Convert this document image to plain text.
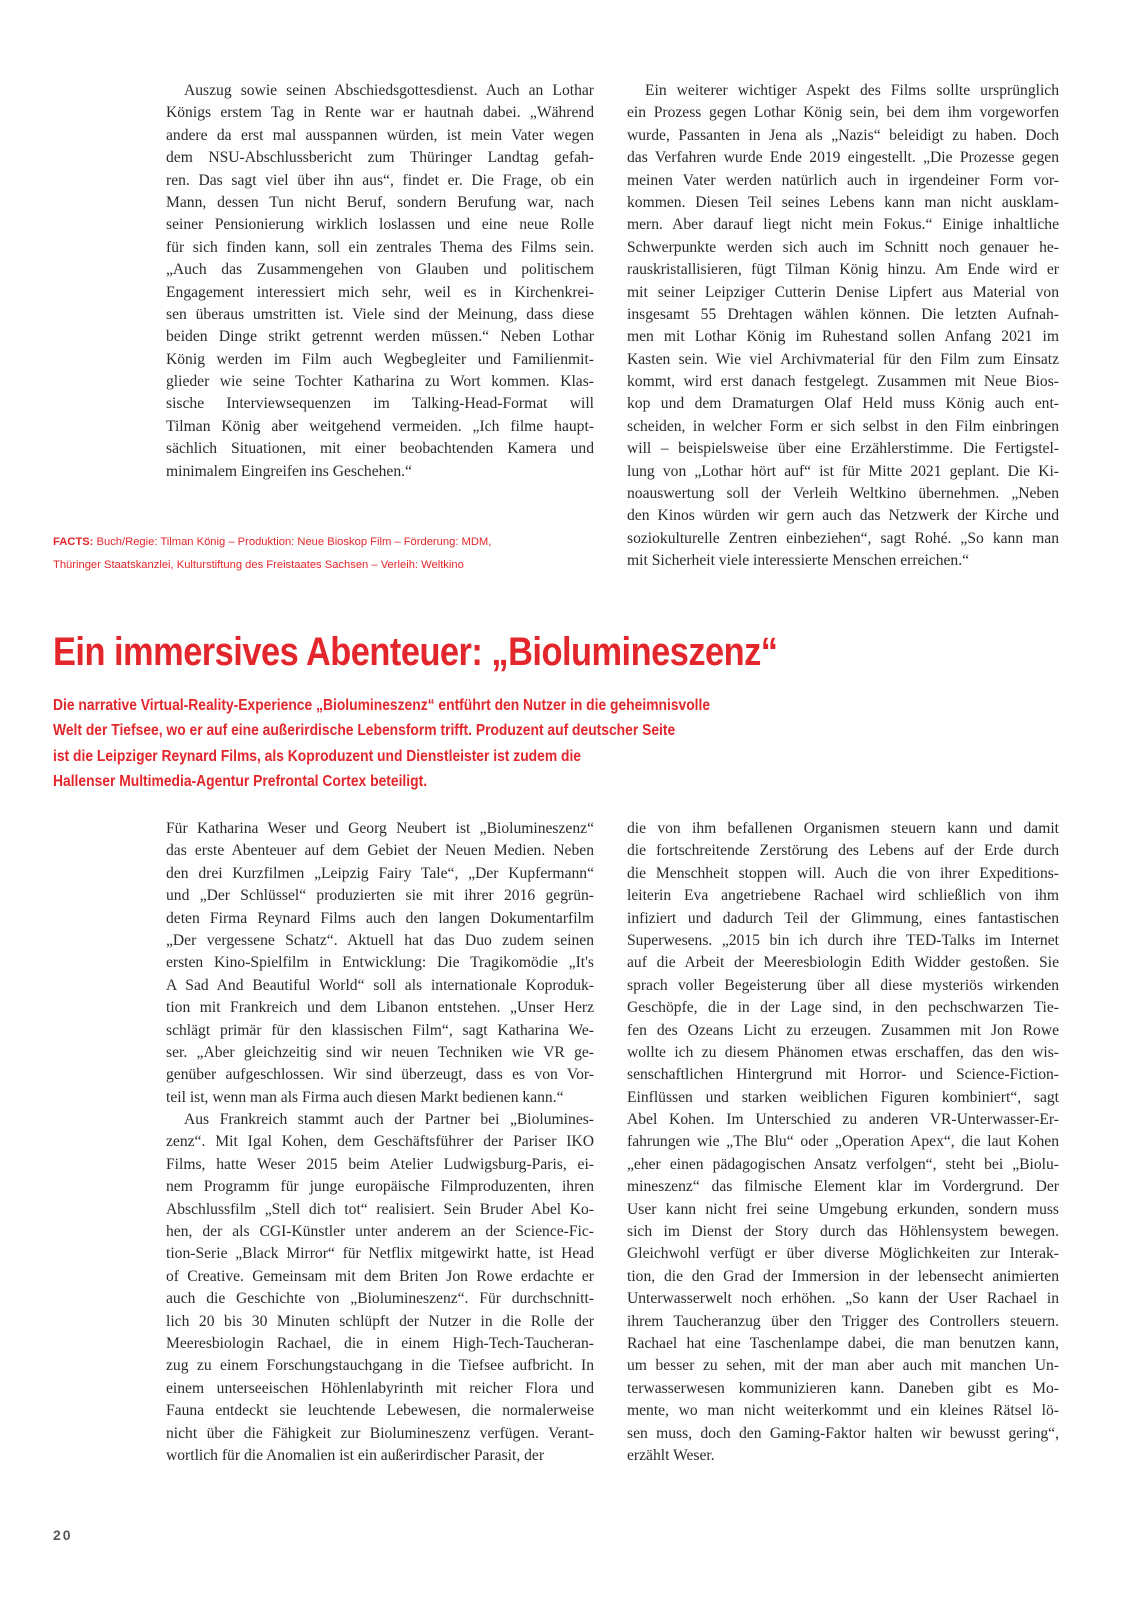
Auszug sowie seinen Abschiedsgottesdienst. Auch an Lothar
Königs erstem Tag in Rente war er hautnah dabei. „Während
andere da erst mal ausspannen würden, ist mein Vater wegen
dem NSU-Abschlussbericht zum Thüringer Landtag gefah-
ren. Das sagt viel über ihn aus“, findet er. Die Frage, ob ein
Mann, dessen Tun nicht Beruf, sondern Berufung war, nach
seiner Pensionierung wirklich loslassen und eine neue Rolle
für sich finden kann, soll ein zentrales Thema des Films sein.
„Auch das Zusammengehen von Glauben und politischem
Engagement interessiert mich sehr, weil es in Kirchenkrei-
sen überaus umstritten ist. Viele sind der Meinung, dass diese
beiden Dinge strikt getrennt werden müssen.“ Neben Lothar
König werden im Film auch Wegbegleiter und Familienmit-
glieder wie seine Tochter Katharina zu Wort kommen. Klas-
sische Interviewsequenzen im Talking-Head-Format will
Tilman König aber weitgehend vermeiden. „Ich filme haupt-
sächlich Situationen, mit einer beobachtenden Kamera und
minimalem Eingreifen ins Geschehen.“
Ein weiterer wichtiger Aspekt des Films sollte ursprünglich
ein Prozess gegen Lothar König sein, bei dem ihm vorgeworfen
wurde, Passanten in Jena als „Nazis“ beleidigt zu haben. Doch
das Verfahren wurde Ende 2019 eingestellt. „Die Prozesse gegen
meinen Vater werden natürlich auch in irgendeiner Form vor-
kommen. Diesen Teil seines Lebens kann man nicht ausklam-
mern. Aber darauf liegt nicht mein Fokus.“ Einige inhaltliche
Schwerpunkte werden sich auch im Schnitt noch genauer he-
rauskristallisieren, fügt Tilman König hinzu. Am Ende wird er
mit seiner Leipziger Cutterin Denise Lipfert aus Material von
insgesamt 55 Drehtagen wählen können. Die letzten Aufnah-
men mit Lothar König im Ruhestand sollen Anfang 2021 im
Kasten sein. Wie viel Archivmaterial für den Film zum Einsatz
kommt, wird erst danach festgelegt. Zusammen mit Neue Bios-
kop und dem Dramaturgen Olaf Held muss König auch ent-
scheiden, in welcher Form er sich selbst in den Film einbringen
will – beispielsweise über eine Erzählerstimme. Die Fertigstel-
lung von „Lothar hört auf“ ist für Mitte 2021 geplant. Die Ki-
noauswertung soll der Verleih Weltkino übernehmen. „Neben
den Kinos würden wir gern auch das Netzwerk der Kirche und
soziokulturelle Zentren einbeziehen“, sagt Rohé. „So kann man
mit Sicherheit viele interessierte Menschen erreichen.“
FACTS: Buch/Regie: Tilman König – Produktion: Neue Bioskop Film – Förderung: MDM,
Thüringer Staatskanzlei, Kulturstiftung des Freistaates Sachsen – Verleih: Weltkino
Ein immersives Abenteuer: „Biolumineszenz“
Die narrative Virtual-Reality-Experience „Biolumineszenz“ entführt den Nutzer in die geheimnisvolle
Welt der Tiefsee, wo er auf eine außerirdische Lebensform trifft. Produzent auf deutscher Seite
ist die Leipziger Reynard Films, als Koproduzent und Dienstleister ist zudem die
Hallenser Multimedia-Agentur Prefrontal Cortex beteiligt.
Für Katharina Weser und Georg Neubert ist „Biolumineszenz“
das erste Abenteuer auf dem Gebiet der Neuen Medien. Neben
den drei Kurzfilmen „Leipzig Fairy Tale“, „Der Kupfermann“
und „Der Schlüssel“ produzierten sie mit ihrer 2016 gegrün-
deten Firma Reynard Films auch den langen Dokumentarfilm
„Der vergessene Schatz“. Aktuell hat das Duo zudem seinen
ersten Kino-Spielfilm in Entwicklung: Die Tragikomödie „It's
A Sad And Beautiful World“ soll als internationale Koproduk-
tion mit Frankreich und dem Libanon entstehen. „Unser Herz
schlägt primär für den klassischen Film“, sagt Katharina We-
ser. „Aber gleichzeitig sind wir neuen Techniken wie VR ge-
genüber aufgeschlossen. Wir sind überzeugt, dass es von Vor-
teil ist, wenn man als Firma auch diesen Markt bedienen kann.“
Aus Frankreich stammt auch der Partner bei „Biolumines-
zenz“. Mit Igal Kohen, dem Geschäftsführer der Pariser IKO
Films, hatte Weser 2015 beim Atelier Ludwigsburg-Paris, ei-
nem Programm für junge europäische Filmproduzenten, ihren
Abschlussfilm „Stell dich tot“ realisiert. Sein Bruder Abel Ko-
hen, der als CGI-Künstler unter anderem an der Science-Fic-
tion-Serie „Black Mirror“ für Netflix mitgewirkt hatte, ist Head
of Creative. Gemeinsam mit dem Briten Jon Rowe erdachte er
auch die Geschichte von „Biolumineszenz“. Für durchschnitt-
lich 20 bis 30 Minuten schlüpft der Nutzer in die Rolle der
Meeresbiologin Rachael, die in einem High-Tech-Taucheran-
zug zu einem Forschungstauchgang in die Tiefsee aufbricht. In
einem unterseeischen Höhlenlabyrinth mit reicher Flora und
Fauna entdeckt sie leuchtende Lebewesen, die normalerweise
nicht über die Fähigkeit zur Biolumineszenz verfügen. Verant-
wortlich für die Anomalien ist ein außerirdischer Parasit, der
die von ihm befallenen Organismen steuern kann und damit
die fortschreitende Zerstörung des Lebens auf der Erde durch
die Menschheit stoppen will. Auch die von ihrer Expeditions-
leiterin Eva angetriebene Rachael wird schließlich von ihm
infiziert und dadurch Teil der Glimmung, eines fantastischen
Superwesens. „2015 bin ich durch ihre TED-Talks im Internet
auf die Arbeit der Meeresbiologin Edith Widder gestoßen. Sie
sprach voller Begeisterung über all diese mysteriös wirkenden
Geschöpfe, die in der Lage sind, in den pechschwarzen Tie-
fen des Ozeans Licht zu erzeugen. Zusammen mit Jon Rowe
wollte ich zu diesem Phänomen etwas erschaffen, das den wis-
senschaftlichen Hintergrund mit Horror- und Science-Fiction-
Einflüssen und starken weiblichen Figuren kombiniert“, sagt
Abel Kohen. Im Unterschied zu anderen VR-Unterwasser-Er-
fahrungen wie „The Blu“ oder „Operation Apex“, die laut Kohen
„eher einen pädagogischen Ansatz verfolgen“, steht bei „Biolu-
mineszenz“ das filmische Element klar im Vordergrund. Der
User kann nicht frei seine Umgebung erkunden, sondern muss
sich im Dienst der Story durch das Höhlensystem bewegen.
Gleichwohl verfügt er über diverse Möglichkeiten zur Interak-
tion, die den Grad der Immersion in der lebensecht animierten
Unterwasserwelt noch erhöhen. „So kann der User Rachael in
ihrem Taucheranzug über den Trigger des Controllers steuern.
Rachael hat eine Taschenlampe dabei, die man benutzen kann,
um besser zu sehen, mit der man aber auch mit manchen Un-
terwasserwesen kommunizieren kann. Daneben gibt es Mo-
mente, wo man nicht weiterkommt und ein kleines Rätsel lö-
sen muss, doch den Gaming-Faktor halten wir bewusst gering“,
erzählt Weser.
20
